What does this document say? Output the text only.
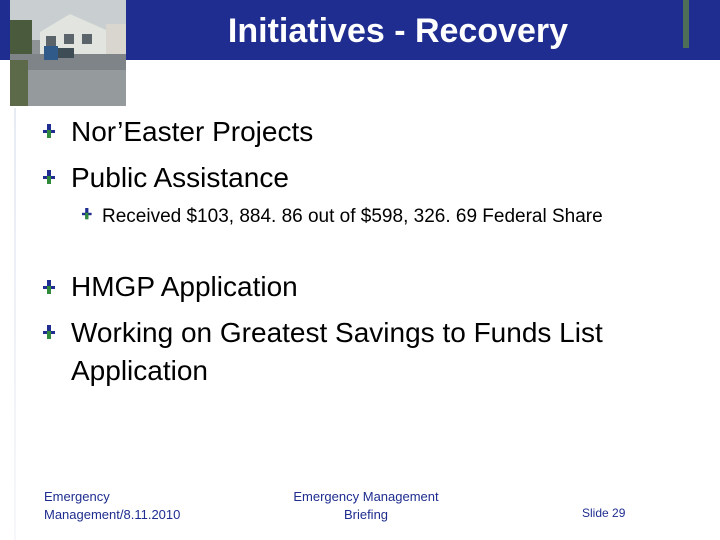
Initiatives - Recovery
Nor’Easter Projects
Public Assistance
Received $103, 884. 86 out of $598, 326. 69 Federal Share
HMGP Application
Working on Greatest Savings to Funds List Application
Emergency Management/8.11.2010
Emergency Management Briefing	Slide 29
